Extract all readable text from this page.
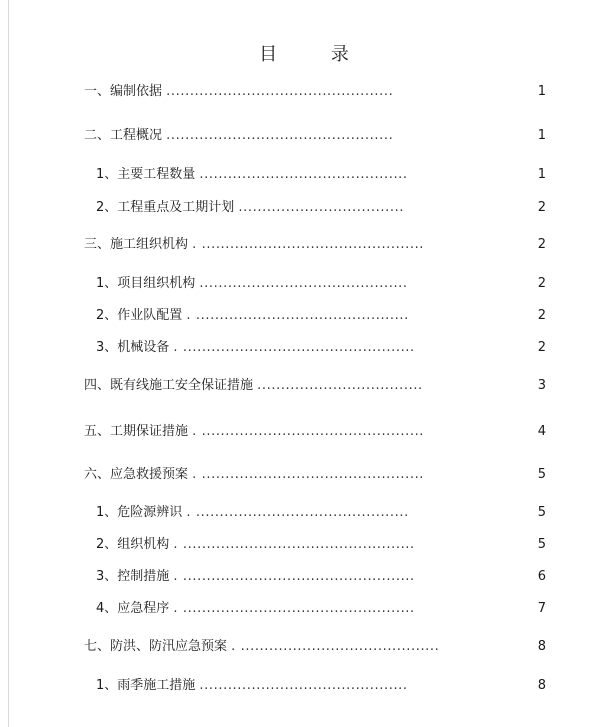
目 录
一、编制依据 ................................................	1
二、工程概况 ................................................	1
1、主要工程数量 ............................................	1
2、工程重点及工期计划 ...................................	2
三、施工组织机构 . ...............................................	2
1、项目组织机构 ............................................	2
2、作业队配置 . .............................................	2
3、机械设备 . .................................................	2
四、既有线施工安全保证措施 ...................................	3
五、工期保证措施 . ...............................................	4
六、应急救援预案 . ...............................................	5
1、危险源辨识 . .............................................	5
2、组织机构 . .................................................	5
3、控制措施 . .................................................	6
4、应急程序 . .................................................	7
七、防洪、防汛应急预案 . ..........................................	8
1、雨季施工措施 ............................................	8
